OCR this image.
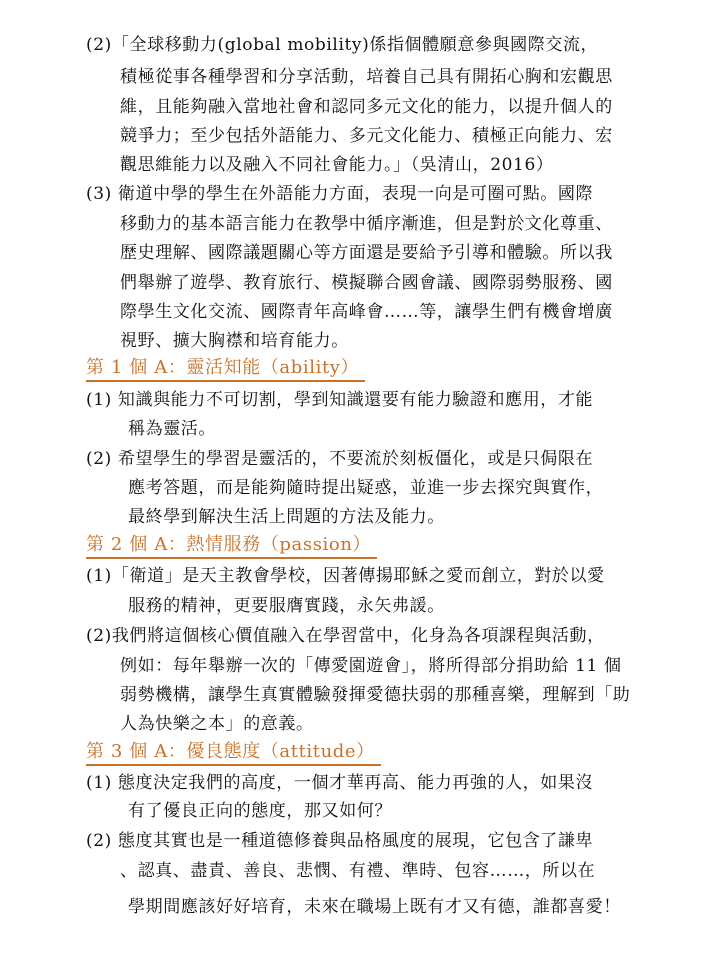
(2)「全球移動力(global mobility)係指個體願意參與國際交流，
積極從事各種學習和分享活動，培養自己具有開拓心胸和宏觀思
維，且能夠融入當地社會和認同多元文化的能力，以提升個人的
競爭力；至少包括外語能力、多元文化能力、積極正向能力、宏
觀思維能力以及融入不同社會能力。」（吳清山，2016）
(3) 衛道中學的學生在外語能力方面，表現一向是可圈可點。國際
移動力的基本語言能力在教學中循序漸進，但是對於文化尊重、
歷史理解、國際議題關心等方面還是要給予引導和體驗。所以我
們舉辦了遊學、教育旅行、模擬聯合國會議、國際弱勢服務、國
際學生文化交流、國際青年高峰會……等，讓學生們有機會增廣
視野、擴大胸襟和培育能力。
第 1 個 A：靈活知能（ability）
(1) 知識與能力不可切割，學到知識還要有能力驗證和應用，才能
稱為靈活。
(2) 希望學生的學習是靈活的，不要流於刻板僵化，或是只侷限在
應考答題，而是能夠隨時提出疑惑，並進一步去探究與實作，
最終學到解決生活上問題的方法及能力。
第 2 個 A：熱情服務（passion）
(1)「衛道」是天主教會學校，因著傳揚耶穌之愛而創立，對於以愛
服務的精神，更要服膺實踐，永矢弗諼。
(2)我們將這個核心價值融入在學習當中，化身為各項課程與活動，
例如：每年舉辦一次的「傳愛園遊會」，將所得部分捐助給 11 個
弱勢機構，讓學生真實體驗發揮愛德扶弱的那種喜樂，理解到「助
人為快樂之本」的意義。
第 3 個 A：優良態度（attitude）
(1) 態度決定我們的高度，一個才華再高、能力再強的人，如果沒
有了優良正向的態度，那又如何？
(2) 態度其實也是一種道德修養與品格風度的展現，它包含了謙卑
、認真、盡責、善良、悲憫、有禮、準時、包容……，所以在
學期間應該好好培育，未來在職場上既有才又有德，誰都喜愛！
